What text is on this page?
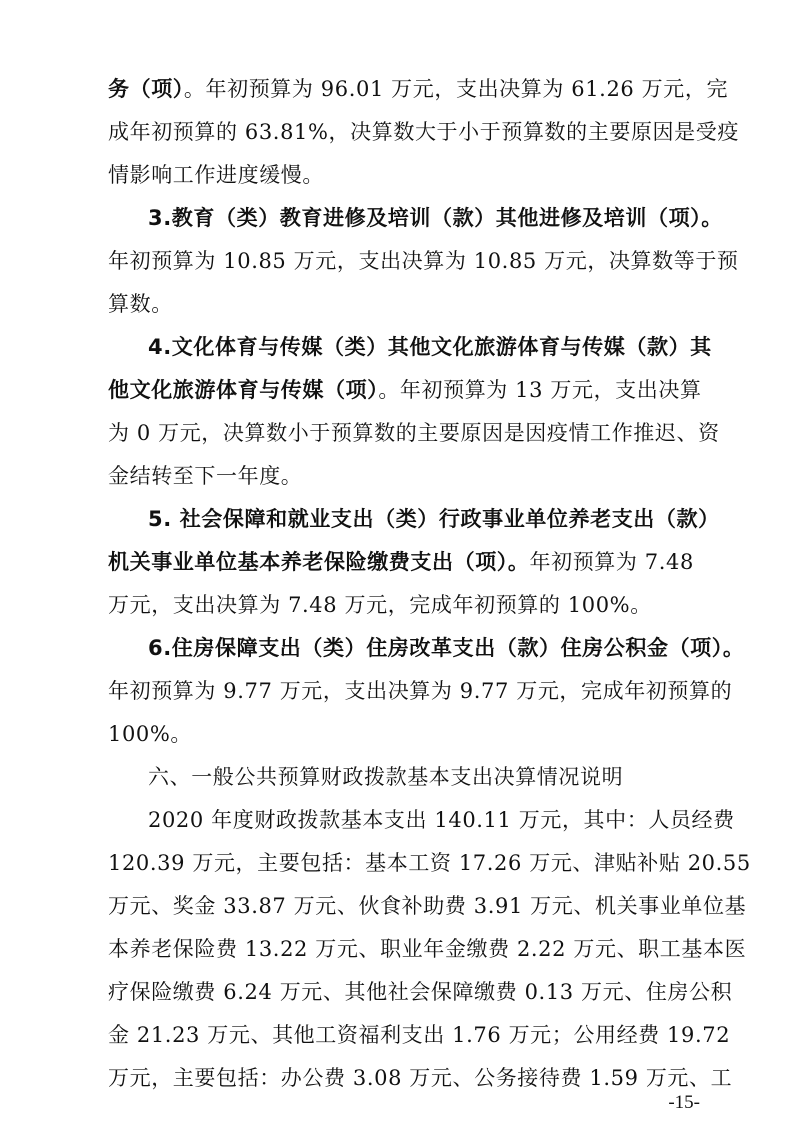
务（项）。年初预算为 96.01 万元，支出决算为 61.26 万元，完
成年初预算的 63.81%，决算数大于小于预算数的主要原因是受疫
情影响工作进度缓慢。
3.教育（类）教育进修及培训（款）其他进修及培训（项）。
年初预算为 10.85 万元，支出决算为 10.85 万元，决算数等于预
算数。
4.文化体育与传媒（类）其他文化旅游体育与传媒（款）其
他文化旅游体育与传媒（项）。年初预算为 13 万元，支出决算
为 0 万元，决算数小于预算数的主要原因是因疫情工作推迟、资
金结转至下一年度。
5. 社会保障和就业支出（类）行政事业单位养老支出（款）
机关事业单位基本养老保险缴费支出（项）。年初预算为 7.48
万元，支出决算为 7.48 万元，完成年初预算的 100%。
6.住房保障支出（类）住房改革支出（款）住房公积金（项）。
年初预算为 9.77 万元，支出决算为 9.77 万元，完成年初预算的
100%。
六、一般公共预算财政拨款基本支出决算情况说明
2020 年度财政拨款基本支出 140.11 万元，其中：人员经费
120.39 万元，主要包括：基本工资 17.26 万元、津贴补贴 20.55
万元、奖金 33.87 万元、伙食补助费 3.91 万元、机关事业单位基
本养老保险费 13.22 万元、职业年金缴费 2.22 万元、职工基本医
疗保险缴费 6.24 万元、其他社会保障缴费 0.13 万元、住房公积
金 21.23 万元、其他工资福利支出 1.76 万元；公用经费 19.72
万元，主要包括：办公费 3.08 万元、公务接待费 1.59 万元、工
-15-
